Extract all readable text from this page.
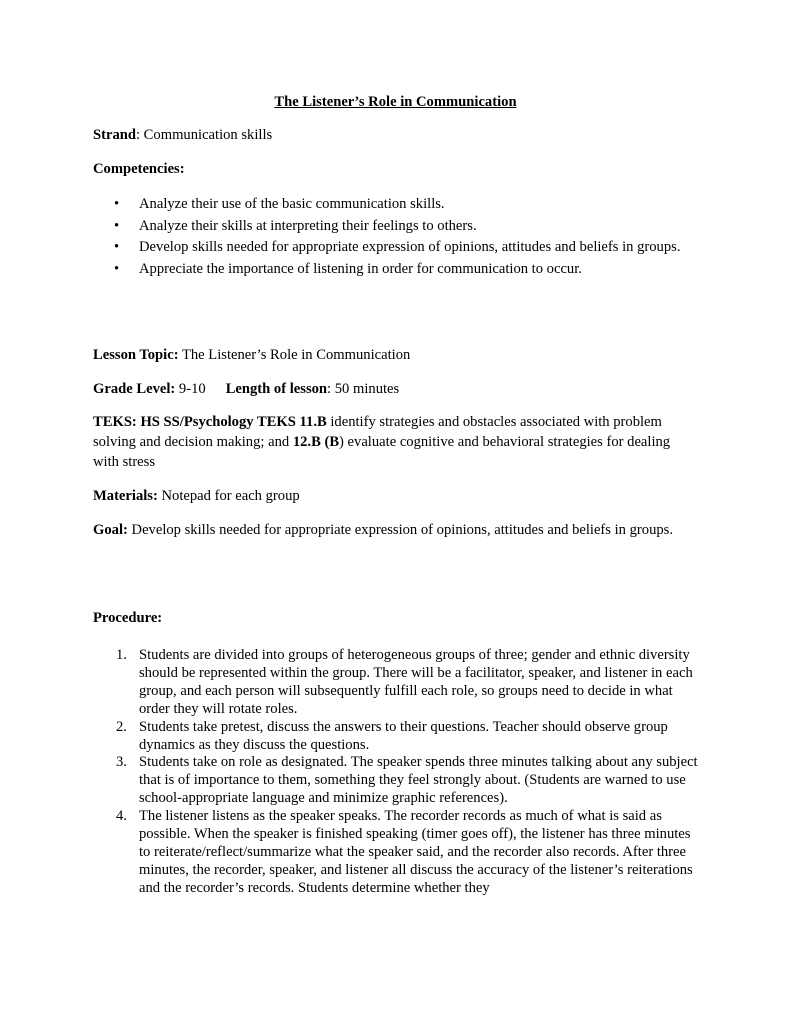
The Listener’s Role in Communication
Strand: Communication skills
Competencies:
• Analyze their use of the basic communication skills.
• Analyze their skills at interpreting their feelings to others.
• Develop skills needed for appropriate expression of opinions, attitudes and beliefs in groups.
• Appreciate the importance of listening in order for communication to occur.
Lesson Topic: The Listener’s Role in Communication
Grade Level: 9-10 Length of lesson: 50 minutes
TEKS: HS SS/Psychology TEKS 11.B identify strategies and obstacles associated with problem solving and decision making; and 12.B (B) evaluate cognitive and behavioral strategies for dealing with stress
Materials: Notepad for each group
Goal: Develop skills needed for appropriate expression of opinions, attitudes and beliefs in groups.
Procedure:
1. Students are divided into groups of heterogeneous groups of three; gender and ethnic diversity should be represented within the group. There will be a facilitator, speaker, and listener in each group, and each person will subsequently fulfill each role, so groups need to decide in what order they will rotate roles.
2. Students take pretest, discuss the answers to their questions. Teacher should observe group dynamics as they discuss the questions.
3. Students take on role as designated. The speaker spends three minutes talking about any subject that is of importance to them, something they feel strongly about. (Students are warned to use school-appropriate language and minimize graphic references).
4. The listener listens as the speaker speaks. The recorder records as much of what is said as possible. When the speaker is finished speaking (timer goes off), the listener has three minutes to reiterate/reflect/summarize what the speaker said, and the recorder also records. After three minutes, the recorder, speaker, and listener all discuss the accuracy of the listener’s reiterations and the recorder’s records. Students determine whether they
